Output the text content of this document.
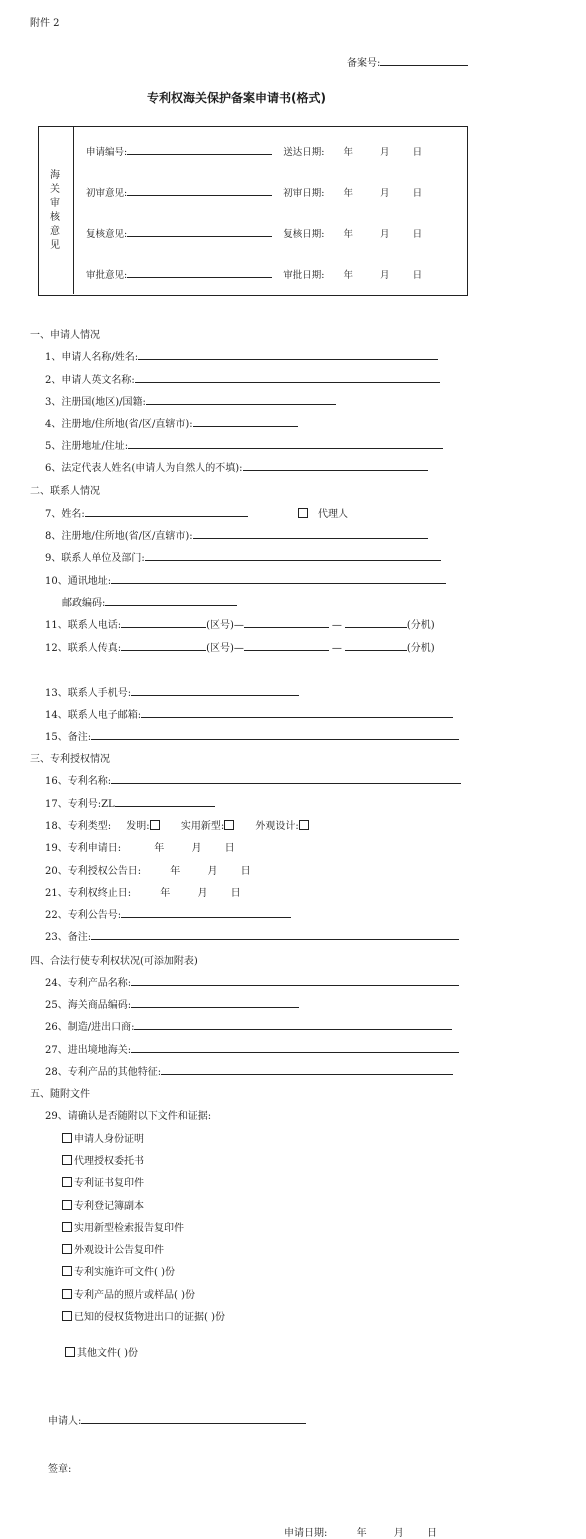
附件 2
备案号:
专利权海关保护备案申请书(格式)
海
关
审
核
意
见
申请编号:	送达日期: 年	月 日
初审意见:	初审日期: 年	月 日
复核意见:	复核日期: 年	月 日
审批意见:	审批日期: 年	月 日
一、申请人情况
1、申请人名称/姓名:
2、申请人英文名称:
3、注册国(地区)/国籍:
4、注册地/住所地(省/区/直辖市):
5、注册地址/住址:
6、法定代表人姓名(申请人为自然人的不填):
二、联系人情况
7、姓名:	代理人
8、注册地/住所地(省/区/直辖市):
9、联系人单位及部门:
10、通讯地址:
邮政编码:
11、联系人电话:	(区号)—	—	(分机)
12、联系人传真:	(区号)—	—	(分机)
13、联系人手机号:
14、联系人电子邮箱:
15、备注:
三、专利授权情况
16、专利名称:
17、专利号:ZL
18、专利类型: 发明:	实用新型:	外观设计:
19、专利申请日:	年	月 日
20、专利授权公告日:	年	月 日
21、专利权终止日:	年	月 日
22、专利公告号:
23、备注:
四、合法行使专利权状况(可添加附表)
24、专利产品名称:
25、海关商品编码:
26、制造/进出口商:
27、进出境地海关:
28、专利产品的其他特征:
五、随附文件
29、请确认是否随附以下文件和证据:
申请人身份证明
代理授权委托书
专利证书复印件
专利登记簿副本
实用新型检索报告复印件
外观设计公告复印件
专利实施许可文件( )份
专利产品的照片或样品( )份
已知的侵权货物进出口的证据( )份
其他文件( )份
申请人:
签章:
申请日期:	年	月 日
